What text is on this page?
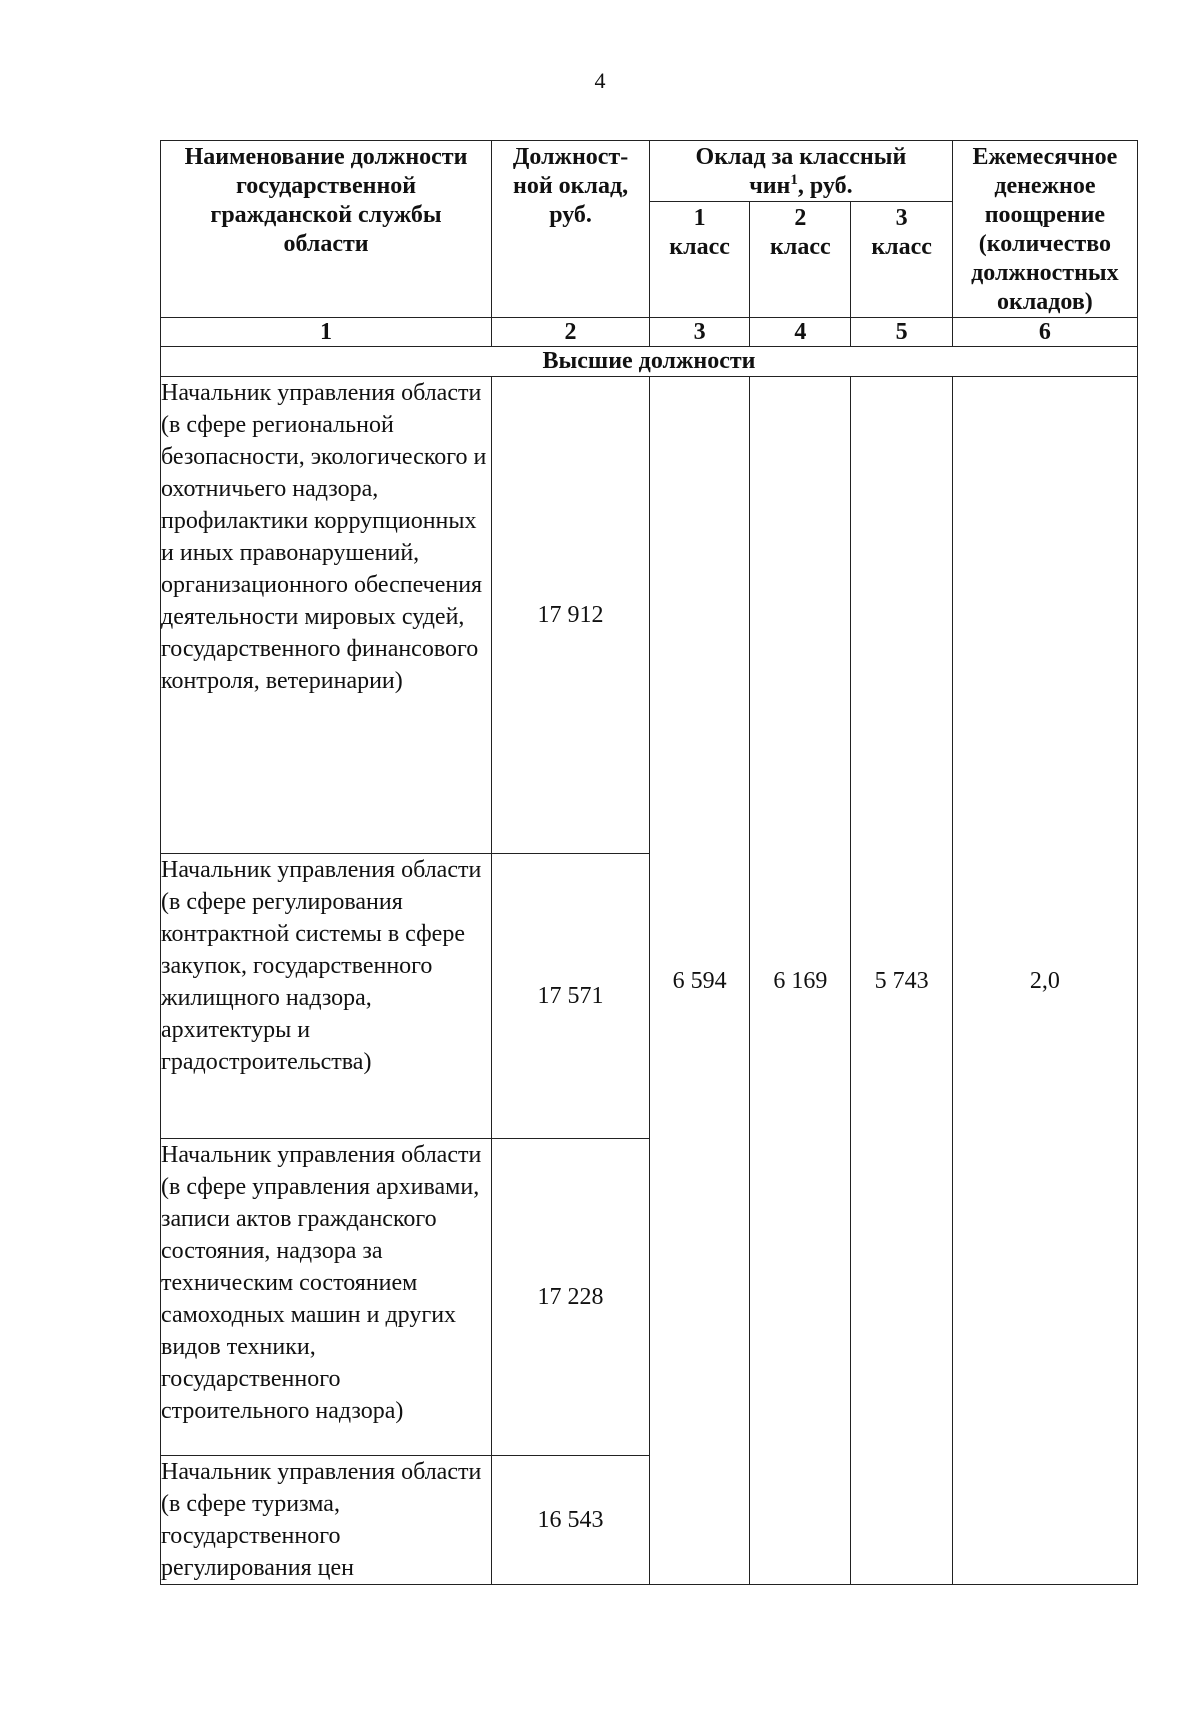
4
Наименование должности государственной гражданской службы области	Должност-ной оклад, руб.	Оклад за классный чин$^1$, руб.			Ежемесячное денежное поощрение (количество должностных окладов)

		1 класс	2 класс	3 класс	

1	2	3	4	5	6
Высшие должности					
Начальник управления области (в сфере региональной безопасности, экологического и охотничьего надзора, профилактики коррупционных и иных правонарушений, организационного обеспечения деятельности мировых судей, государственного финансового контроля, ветеринарии)	17 912	6 594	6 169	5 743	2,0
Начальник управления области (в сфере регулирования контрактной системы в сфере закупок, государственного жилищного надзора, архитектуры и градостроительства)	17 571				
Начальник управления области (в сфере управления архивами, записи актов гражданского состояния, надзора за техническим состоянием самоходных машин и других видов техники, государственного строительного надзора)	17 228				
Начальник управления области (в сфере туризма, государственного регулирования цен	16 543				
